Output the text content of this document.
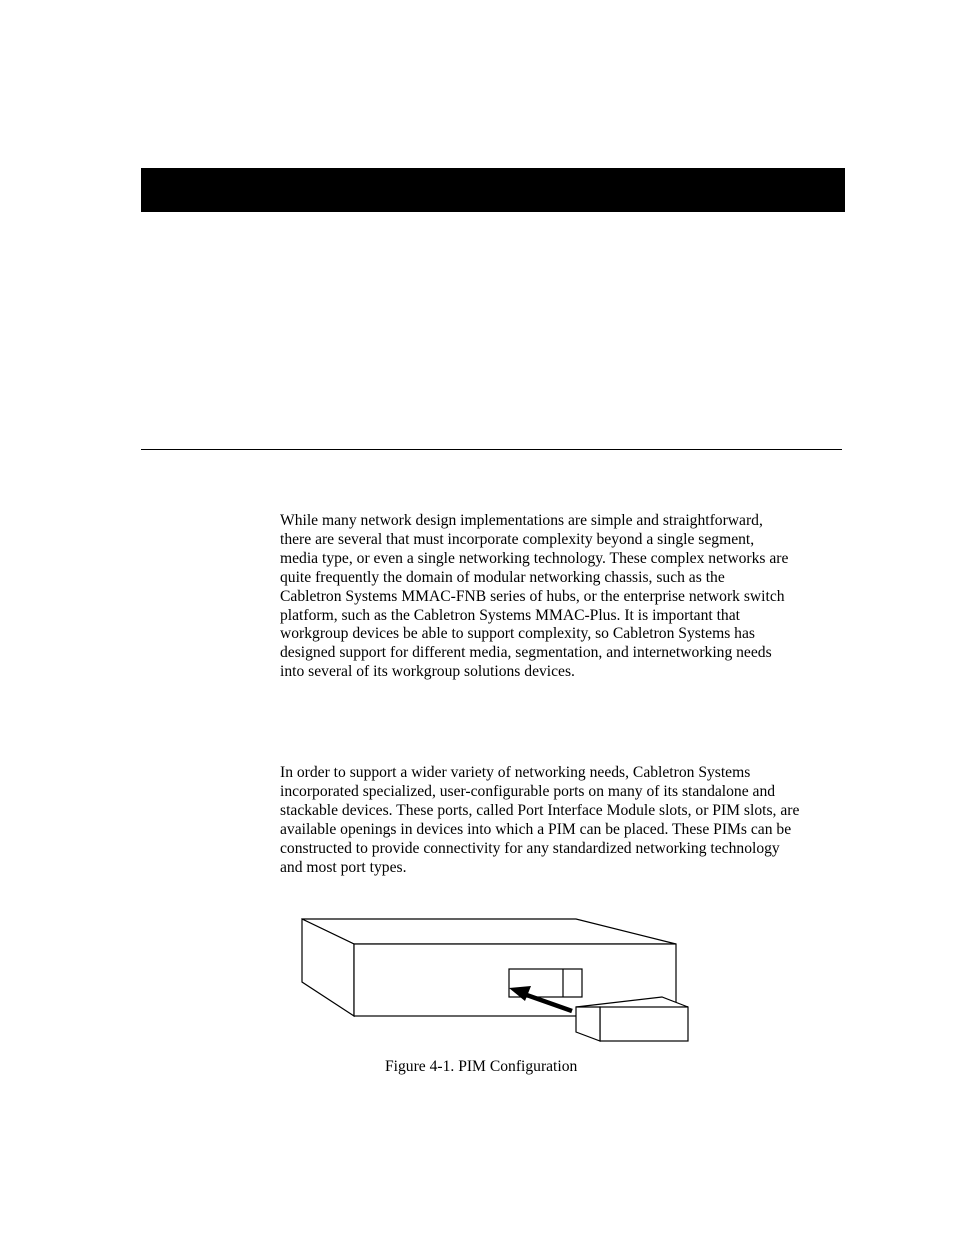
While many network design implementations are simple and straightforward,
there are several that must incorporate complexity beyond a single segment,
media type, or even a single networking technology. These complex networks are
quite frequently the domain of modular networking chassis, such as the
Cabletron Systems MMAC-FNB series of hubs, or the enterprise network switch
platform, such as the Cabletron Systems MMAC-Plus. It is important that
workgroup devices be able to support complexity, so Cabletron Systems has
designed support for different media, segmentation, and internetworking needs
into several of its workgroup solutions devices.

In order to support a wider variety of networking needs, Cabletron Systems
incorporated specialized, user-configurable ports on many of its standalone and
stackable devices. These ports, called Port Interface Module slots, or PIM slots, are
available openings in devices into which a PIM can be placed. These PIMs can be
constructed to provide connectivity for any standardized networking technology
and most port types.

Figure 4-1. PIM Configuration
